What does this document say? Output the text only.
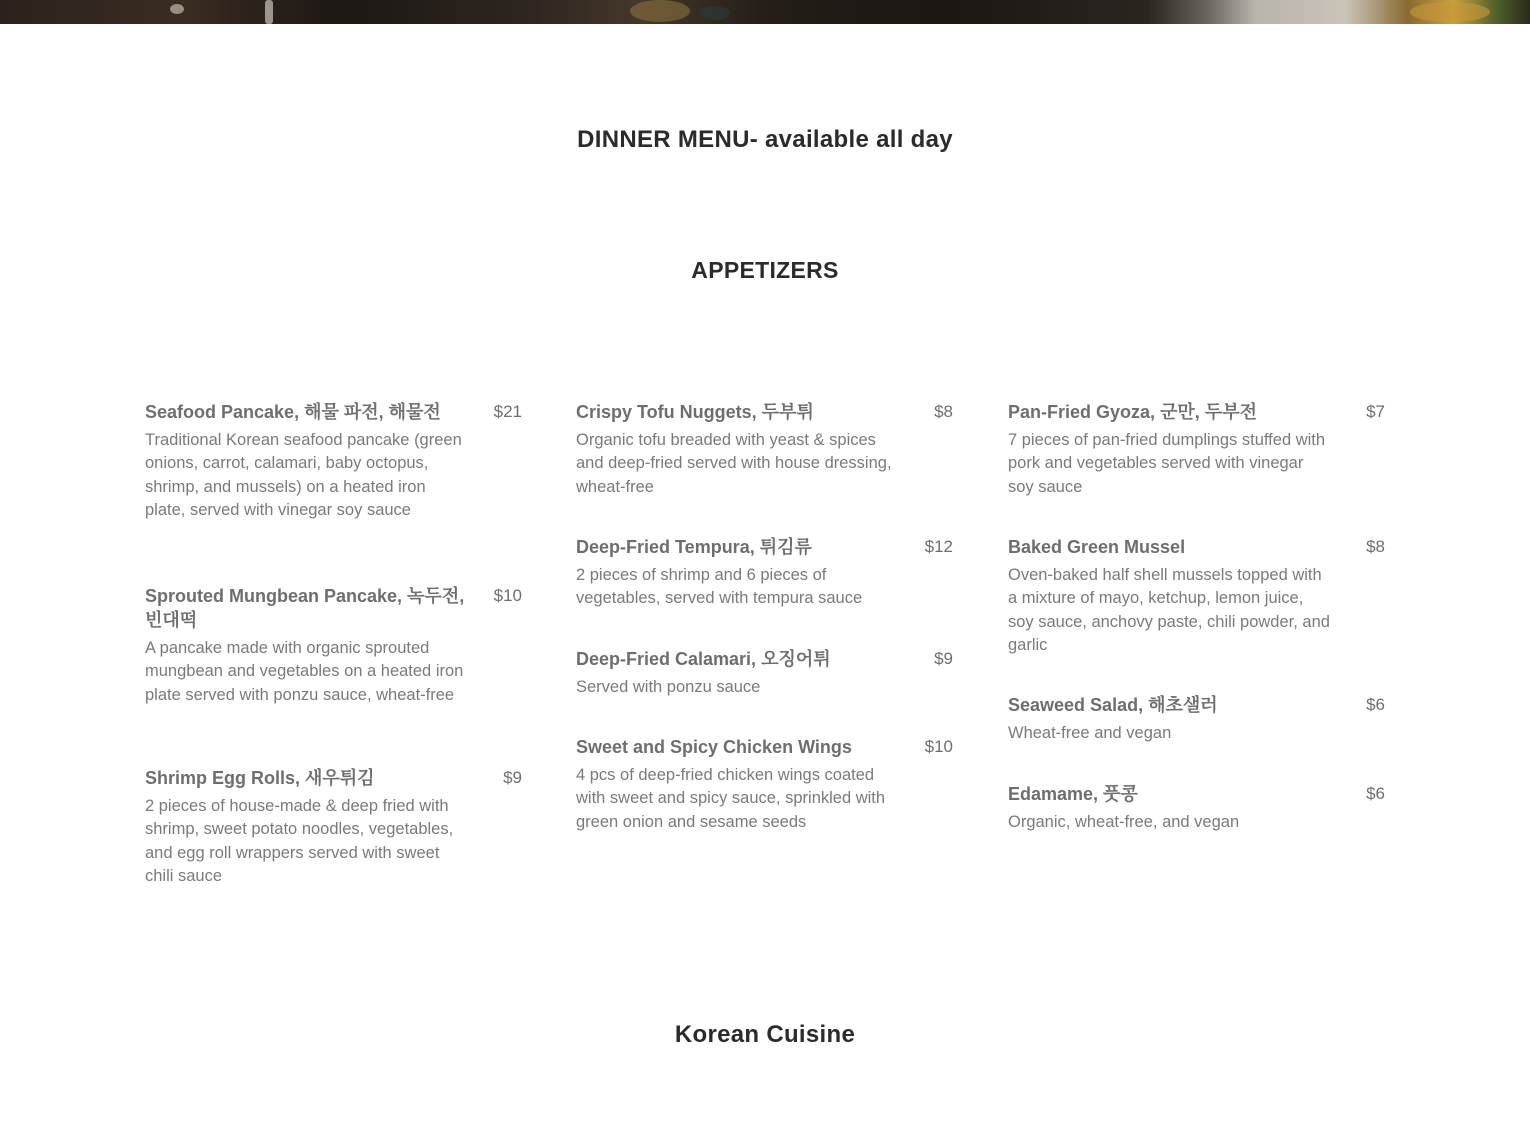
DINNER MENU- available all day
APPETIZERS
Seafood Pancake, 해물 파전, 해물전	$21
Traditional Korean seafood pancake (green onions, carrot, calamari, baby octopus, shrimp, and mussels) on a heated iron plate, served with vinegar soy sauce
Sprouted Mungbean Pancake, 녹두전, 빈대떡
$10
A pancake made with organic sprouted mungbean and vegetables on a heated iron plate served with ponzu sauce, wheat-free
Shrimp Egg Rolls, 새우튀김	$9
2 pieces of house-made & deep fried with shrimp, sweet potato noodles, vegetables, and egg roll wrappers served with sweet chili sauce
Crispy Tofu Nuggets, 두부튀	$8
Organic tofu breaded with yeast & spices and deep-fried served with house dressing, wheat-free
Deep-Fried Tempura, 튀김류	$12
2 pieces of shrimp and 6 pieces of vegetables, served with tempura sauce
Deep-Fried Calamari, 오징어튀	$9
Served with ponzu sauce
Sweet and Spicy Chicken Wings	$10
4 pcs of deep-fried chicken wings coated with sweet and spicy sauce, sprinkled with green onion and sesame seeds
Pan-Fried Gyoza, 군만, 두부전	$7
7 pieces of pan-fried dumplings stuffed with pork and vegetables served with vinegar soy sauce
Baked Green Mussel	$8
Oven-baked half shell mussels topped with a mixture of mayo, ketchup, lemon juice, soy sauce, anchovy paste, chili powder, and garlic
Seaweed Salad, 해초샐러	$6
Wheat-free and vegan
Edamame, 풋콩	$6
Organic, wheat-free, and vegan
Korean Cuisine
